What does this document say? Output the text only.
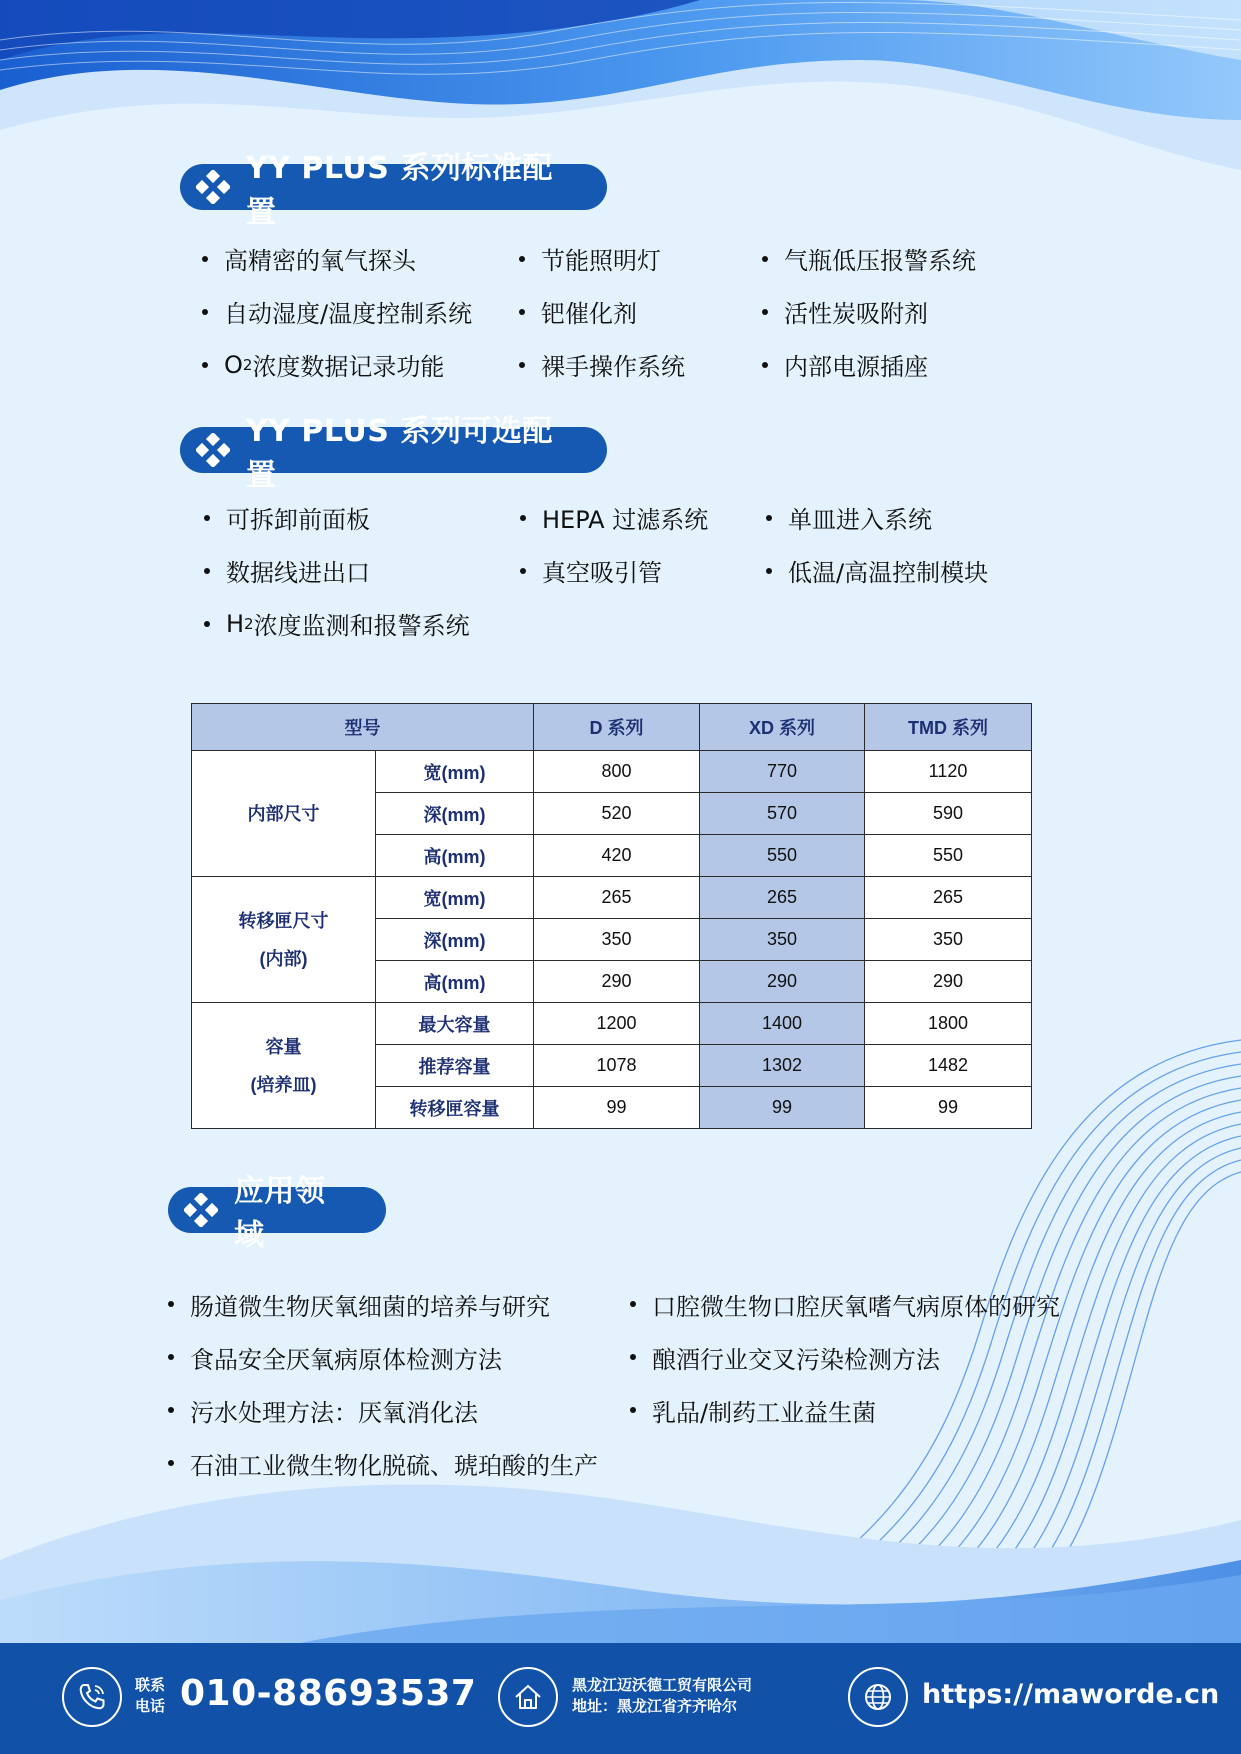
YY PLUS 系列标准配置
高精密的氧气探头	节能照明灯	气瓶低压报警系统
自动湿度/温度控制系统	钯催化剂	活性炭吸附剂
O 2 浓度数据记录功能	裸手操作系统	内部电源插座
YY PLUS 系列可选配置
可拆卸前面板	HEPA 过滤系统	单皿进入系统
数据线进出口	真空吸引管	低温/高温控制模块
H 2 浓度监测和报警系统
型号		D 系列	XD 系列	TMD 系列
内部尺寸	宽(mm)	800	770	1120
	深(mm)	520	570	590
	高(mm)	420	550	550
转移匣尺寸
(内部)	宽(mm)	265	265	265
	深(mm)	350	350	350
	高(mm)	290	290	290
容量
(培养皿)	最大容量	1200	1400	1800
	推荐容量	1078	1302	1482
	转移匣容量	99	99	99
应用领域
肠道微生物厌氧细菌的培养与研究	口腔微生物口腔厌氧嗜气病原体的研究
食品安全厌氧病原体检测方法	酿酒行业交叉污染检测方法
污水处理方法：厌氧消化法	乳品/制药工业益生菌
石油工业微生物化脱硫、琥珀酸的生产
联系
电话 010-88693537	黑龙江迈沃德工贸有限公司
地址：黑龙江省齐齐哈尔	https://maworde.cn
